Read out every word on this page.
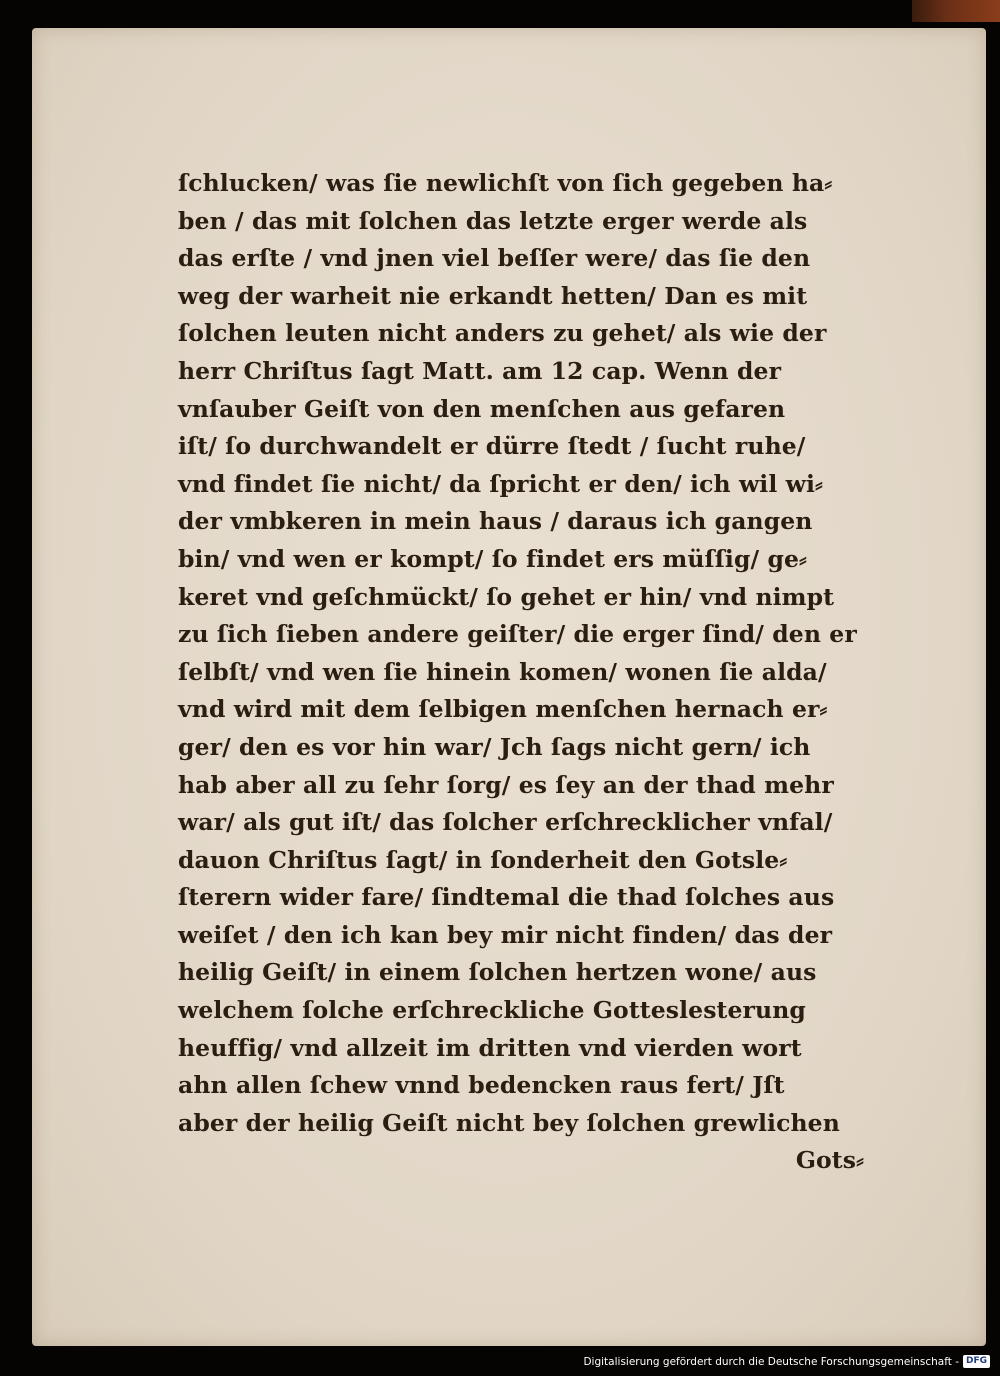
ſchlucken/ was ſie newlichſt von ſich gegeben ha⸗
ben / das mit ſolchen das letzte erger werde als
das erſte / vnd jnen viel beſſer were/ das ſie den
weg der warheit nie erkandt hetten/ Dan es mit
ſolchen leuten nicht anders zu gehet/ als wie der
herr Chriſtus ſagt Matt. am 12 cap. Wenn der
vnſauber Geiſt von den menſchen aus gefaren
iſt/ ſo durchwandelt er dürre ſtedt / ſucht ruhe/
vnd findet ſie nicht/ da ſpricht er den/ ich wil wi⸗
der vmbkeren in mein haus / daraus ich gangen
bin/ vnd wen er kompt/ ſo findet ers müſſig/ ge⸗
keret vnd geſchmückt/ ſo gehet er hin/ vnd nimpt
zu ſich ſieben andere geiſter/ die erger ſind/ den er
ſelbſt/ vnd wen ſie hinein komen/ wonen ſie alda/
vnd wird mit dem ſelbigen menſchen hernach er⸗
ger/ den es vor hin war/ Jch ſags nicht gern/ ich
hab aber all zu ſehr ſorg/ es ſey an der thad mehr
war/ als gut iſt/ das ſolcher erſchrecklicher vnfal/
dauon Chriſtus ſagt/ in ſonderheit den Gotsle⸗
ſterern wider fare/ ſindtemal die thad ſolches aus
weiſet / den ich kan bey mir nicht finden/ das der
heilig Geiſt/ in einem ſolchen hertzen wone/ aus
welchem ſolche erſchreckliche Gotteslesterung
heuffig/ vnd allzeit im dritten vnd vierden wort
ahn allen ſchew vnnd bedencken raus fert/ Jſt
aber der heilig Geiſt nicht bey ſolchen grewlichen
Gots⸗
Digitalisierung gefördert durch die Deutsche Forschungsgemeinschaft - DFG
